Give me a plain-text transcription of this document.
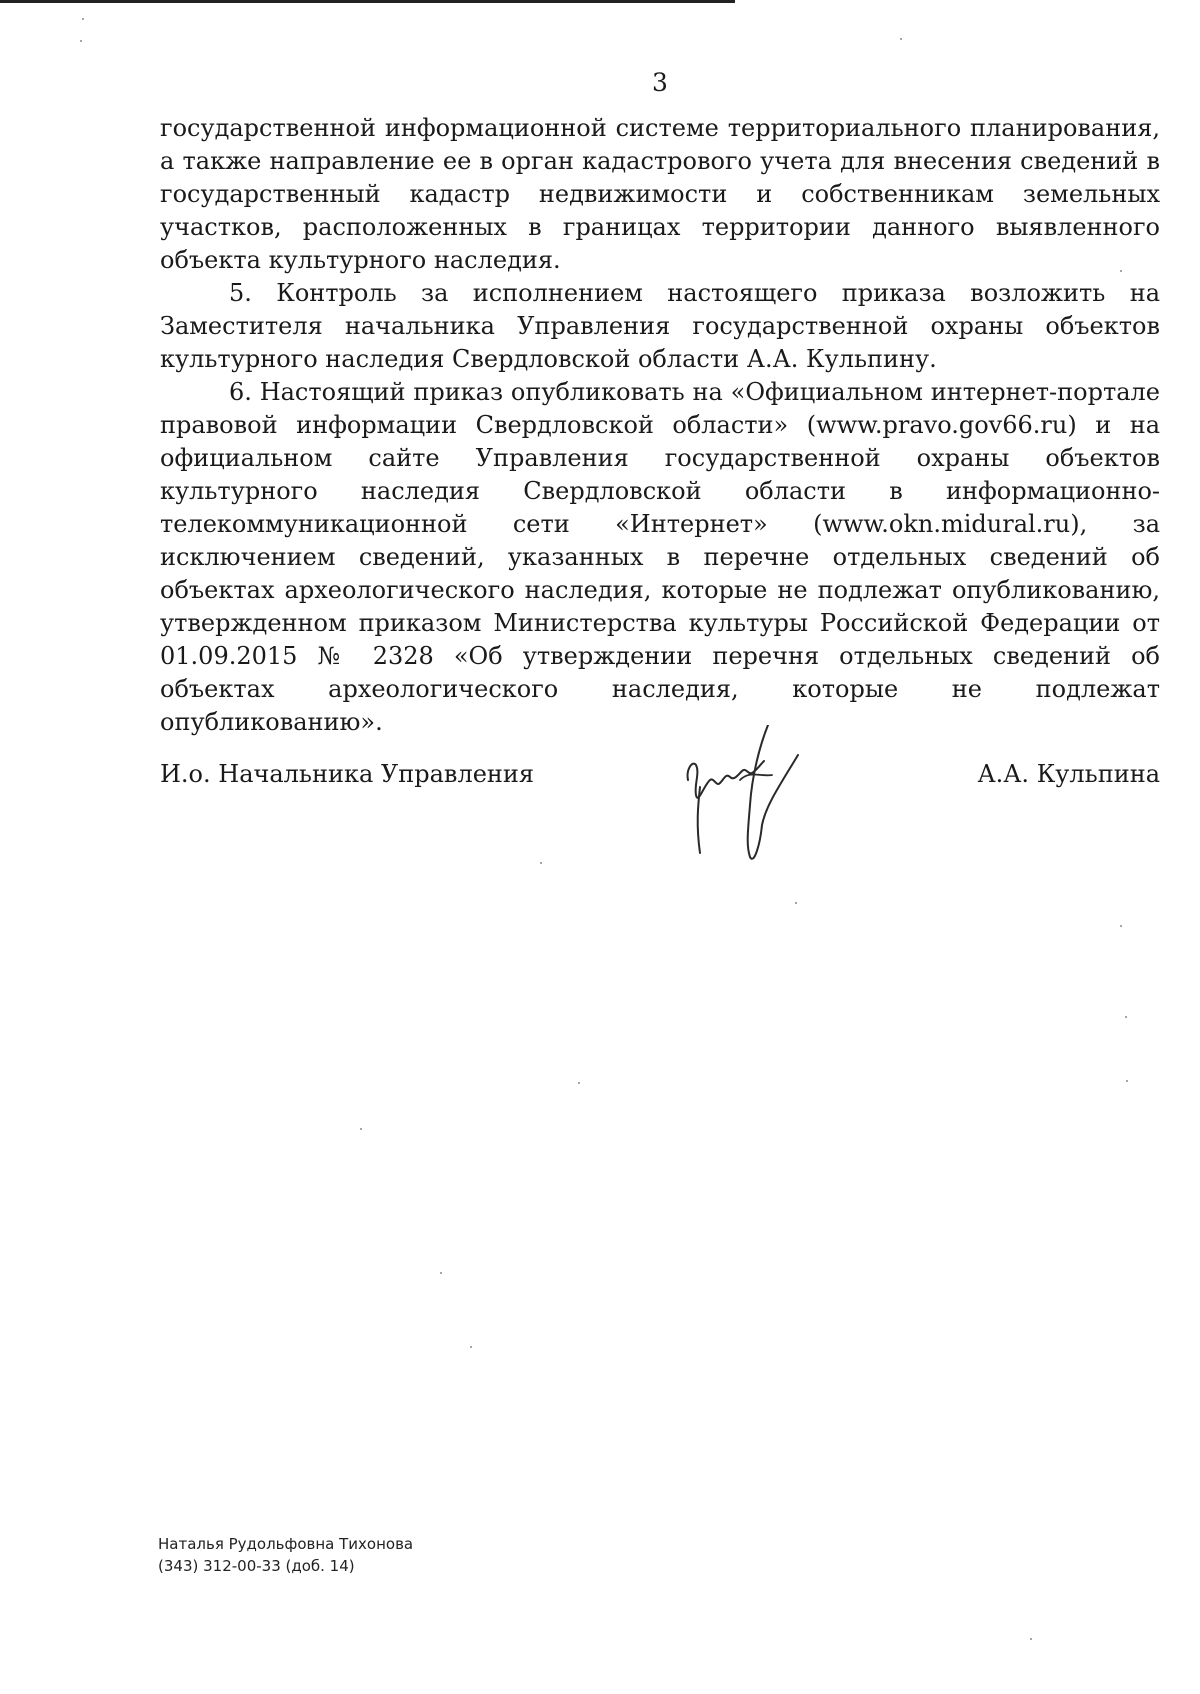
3

государственной информационной системе территориального планирования, а также направление ее в орган кадастрового учета для внесения сведений в государственный кадастр недвижимости и собственникам земельных участков, расположенных в границах территории данного выявленного объекта культурного наследия.

5. Контроль за исполнением настоящего приказа возложить на Заместителя начальника Управления государственной охраны объектов культурного наследия Свердловской области А.А. Кульпину.

6. Настоящий приказ опубликовать на «Официальном интернет-портале правовой информации Свердловской области» (www.pravo.gov66.ru) и на официальном сайте Управления государственной охраны объектов культурного наследия Свердловской области в информационно-телекоммуникационной сети «Интернет» (www.okn.midural.ru), за исключением сведений, указанных в перечне отдельных сведений об объектах археологического наследия, которые не подлежат опубликованию, утвержденном приказом Министерства культуры Российской Федерации от 01.09.2015 № 2328 «Об утверждении перечня отдельных сведений об объектах археологического наследия, которые не подлежат опубликованию».

И.о. Начальника Управления	А.А. Кульпина
Наталья Рудольфовна Тихонова
(343) 312-00-33 (доб. 14)
